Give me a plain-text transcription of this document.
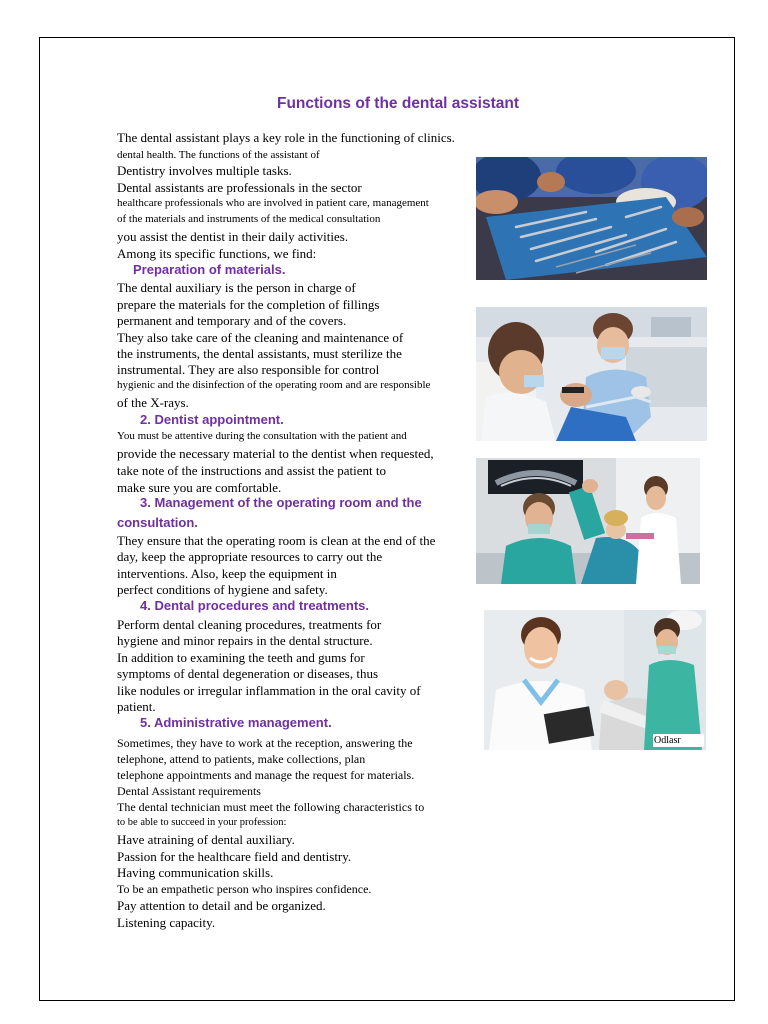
Functions of the dental assistant

The dental assistant plays a key role in the functioning of clinics.

dental health. The functions of the assistant of

Dentistry involves multiple tasks.

Dental assistants are professionals in the sector

healthcare professionals who are involved in patient care, management

of the materials and instruments of the medical consultation

you assist the dentist in their daily activities.

Among its specific functions, we find:

Preparation of materials.

The dental auxiliary is the person in charge of

prepare the materials for the completion of fillings

permanent and temporary and of the covers.

They also take care of the cleaning and maintenance of

the instruments, the dental assistants, must sterilize the

instrumental. They are also responsible for control

hygienic and the disinfection of the operating room and are responsible

of the X-rays.

2. Dentist appointment.

You must be attentive during the consultation with the patient and

provide the necessary material to the dentist when requested,

take note of the instructions and assist the patient to

make sure you are comfortable.

3. Management of the operating room and the

consultation.

They ensure that the operating room is clean at the end of the

day, keep the appropriate resources to carry out the

interventions. Also, keep the equipment in

perfect conditions of hygiene and safety.

4. Dental procedures and treatments.

Perform dental cleaning procedures, treatments for

hygiene and minor repairs in the dental structure.

In addition to examining the teeth and gums for

symptoms of dental degeneration or diseases, thus

like nodules or irregular inflammation in the oral cavity of

patient.

5. Administrative management.

Sometimes, they have to work at the reception, answering the

telephone, attend to patients, make collections, plan

telephone appointments and manage the request for materials.

Dental Assistant requirements

The dental technician must meet the following characteristics to

to be able to succeed in your profession:

Have atraining of dental auxiliary.

Passion for the healthcare field and dentistry.

Having communication skills.

To be an empathetic person who inspires confidence.

Pay attention to detail and be organized.

Listening capacity.

Odlasr
